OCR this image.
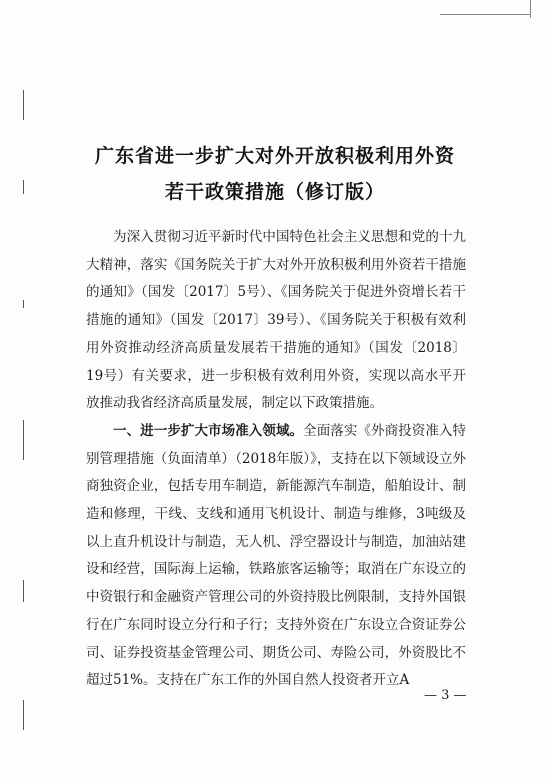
广东省进一步扩大对外开放积极利用外资
若干政策措施（修订版）

为深入贯彻习近平新时代中国特色社会主义思想和党的十九大精神，落实《国务院关于扩大对外开放积极利用外资若干措施的通知》（国发〔2017〕5号）、《国务院关于促进外资增长若干措施的通知》（国发〔2017〕39号）、《国务院关于积极有效利用外资推动经济高质量发展若干措施的通知》（国发〔2018〕19号）有关要求，进一步积极有效利用外资，实现以高水平开放推动我省经济高质量发展，制定以下政策措施。

一、进一步扩大市场准入领域。全面落实《外商投资准入特别管理措施（负面清单）（2018年版）》，支持在以下领域设立外商独资企业，包括专用车制造，新能源汽车制造，船舶设计、制造和修理，干线、支线和通用飞机设计、制造与维修，3吨级及以上直升机设计与制造，无人机、浮空器设计与制造，加油站建设和经营，国际海上运输，铁路旅客运输等；取消在广东设立的中资银行和金融资产管理公司的外资持股比例限制，支持外国银行在广东同时设立分行和子行；支持外资在广东设立合资证券公司、证券投资基金管理公司、期货公司、寿险公司，外资股比不超过51%。支持在广东工作的外国自然人投资者开立A

— 3 —
